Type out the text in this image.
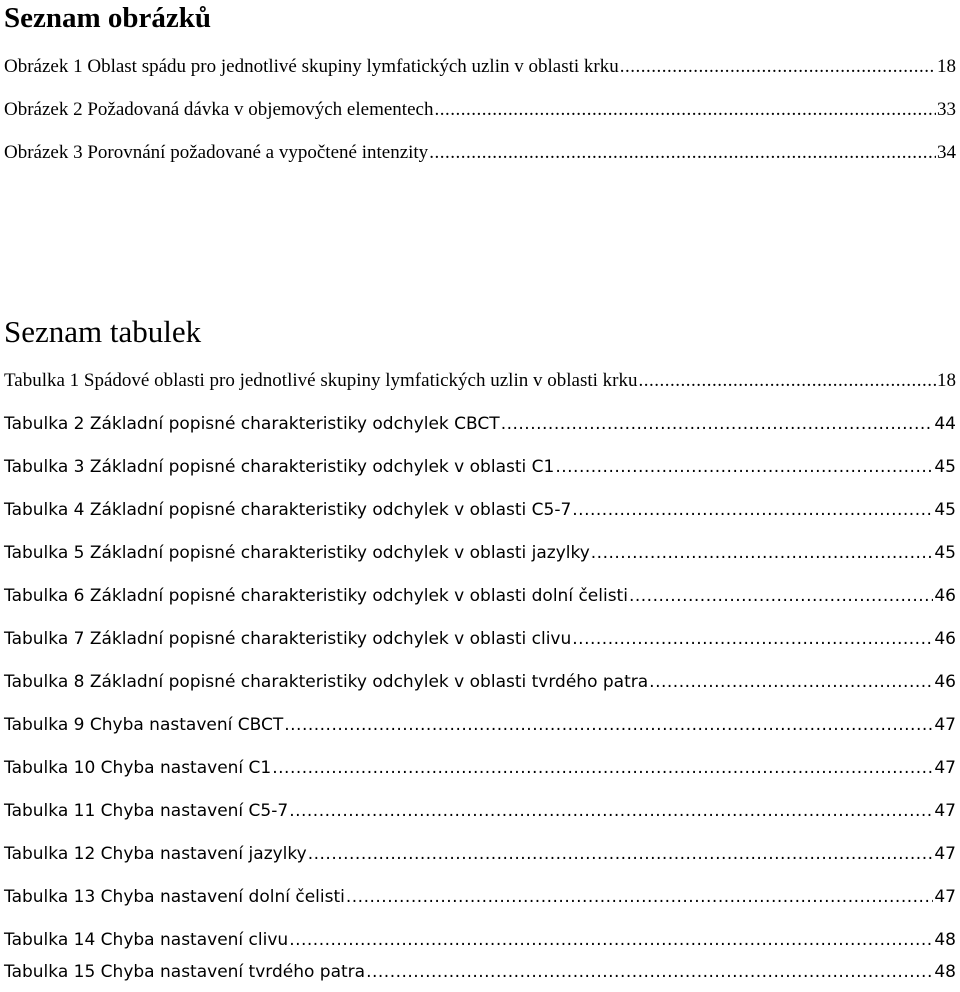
Seznam obrázků
Obrázek 1 Oblast spádu pro jednotlivé skupiny lymfatických uzlin v oblasti krku .....	18
Obrázek 2 Požadovaná dávka v objemových elementech .....	33
Obrázek 3 Porovnání požadované a vypočtené intenzity .....	34
Seznam tabulek
Tabulka 1 Spádové oblasti pro jednotlivé skupiny lymfatických uzlin v oblasti krku .....	18
Tabulka 2 Základní popisné charakteristiky odchylek CBCT .....	44
Tabulka 3 Základní popisné charakteristiky odchylek v oblasti C1 .....	45
Tabulka 4 Základní popisné charakteristiky odchylek v oblasti C5-7 .....	45
Tabulka 5 Základní popisné charakteristiky odchylek v oblasti jazylky .....	45
Tabulka 6 Základní popisné charakteristiky odchylek v oblasti dolní čelisti .....	46
Tabulka 7 Základní popisné charakteristiky odchylek v oblasti clivu .....	46
Tabulka 8 Základní popisné charakteristiky odchylek v oblasti tvrdého patra .....	46
Tabulka 9 Chyba nastavení CBCT .....	47
Tabulka 10 Chyba nastavení C1 .....	47
Tabulka 11 Chyba nastavení C5-7 .....	47
Tabulka 12 Chyba nastavení jazylky .....	47
Tabulka 13 Chyba nastavení dolní čelisti .....	47
Tabulka 14 Chyba nastavení clivu .....	48
Tabulka 15 Chyba nastavení tvrdého patra .....	48
